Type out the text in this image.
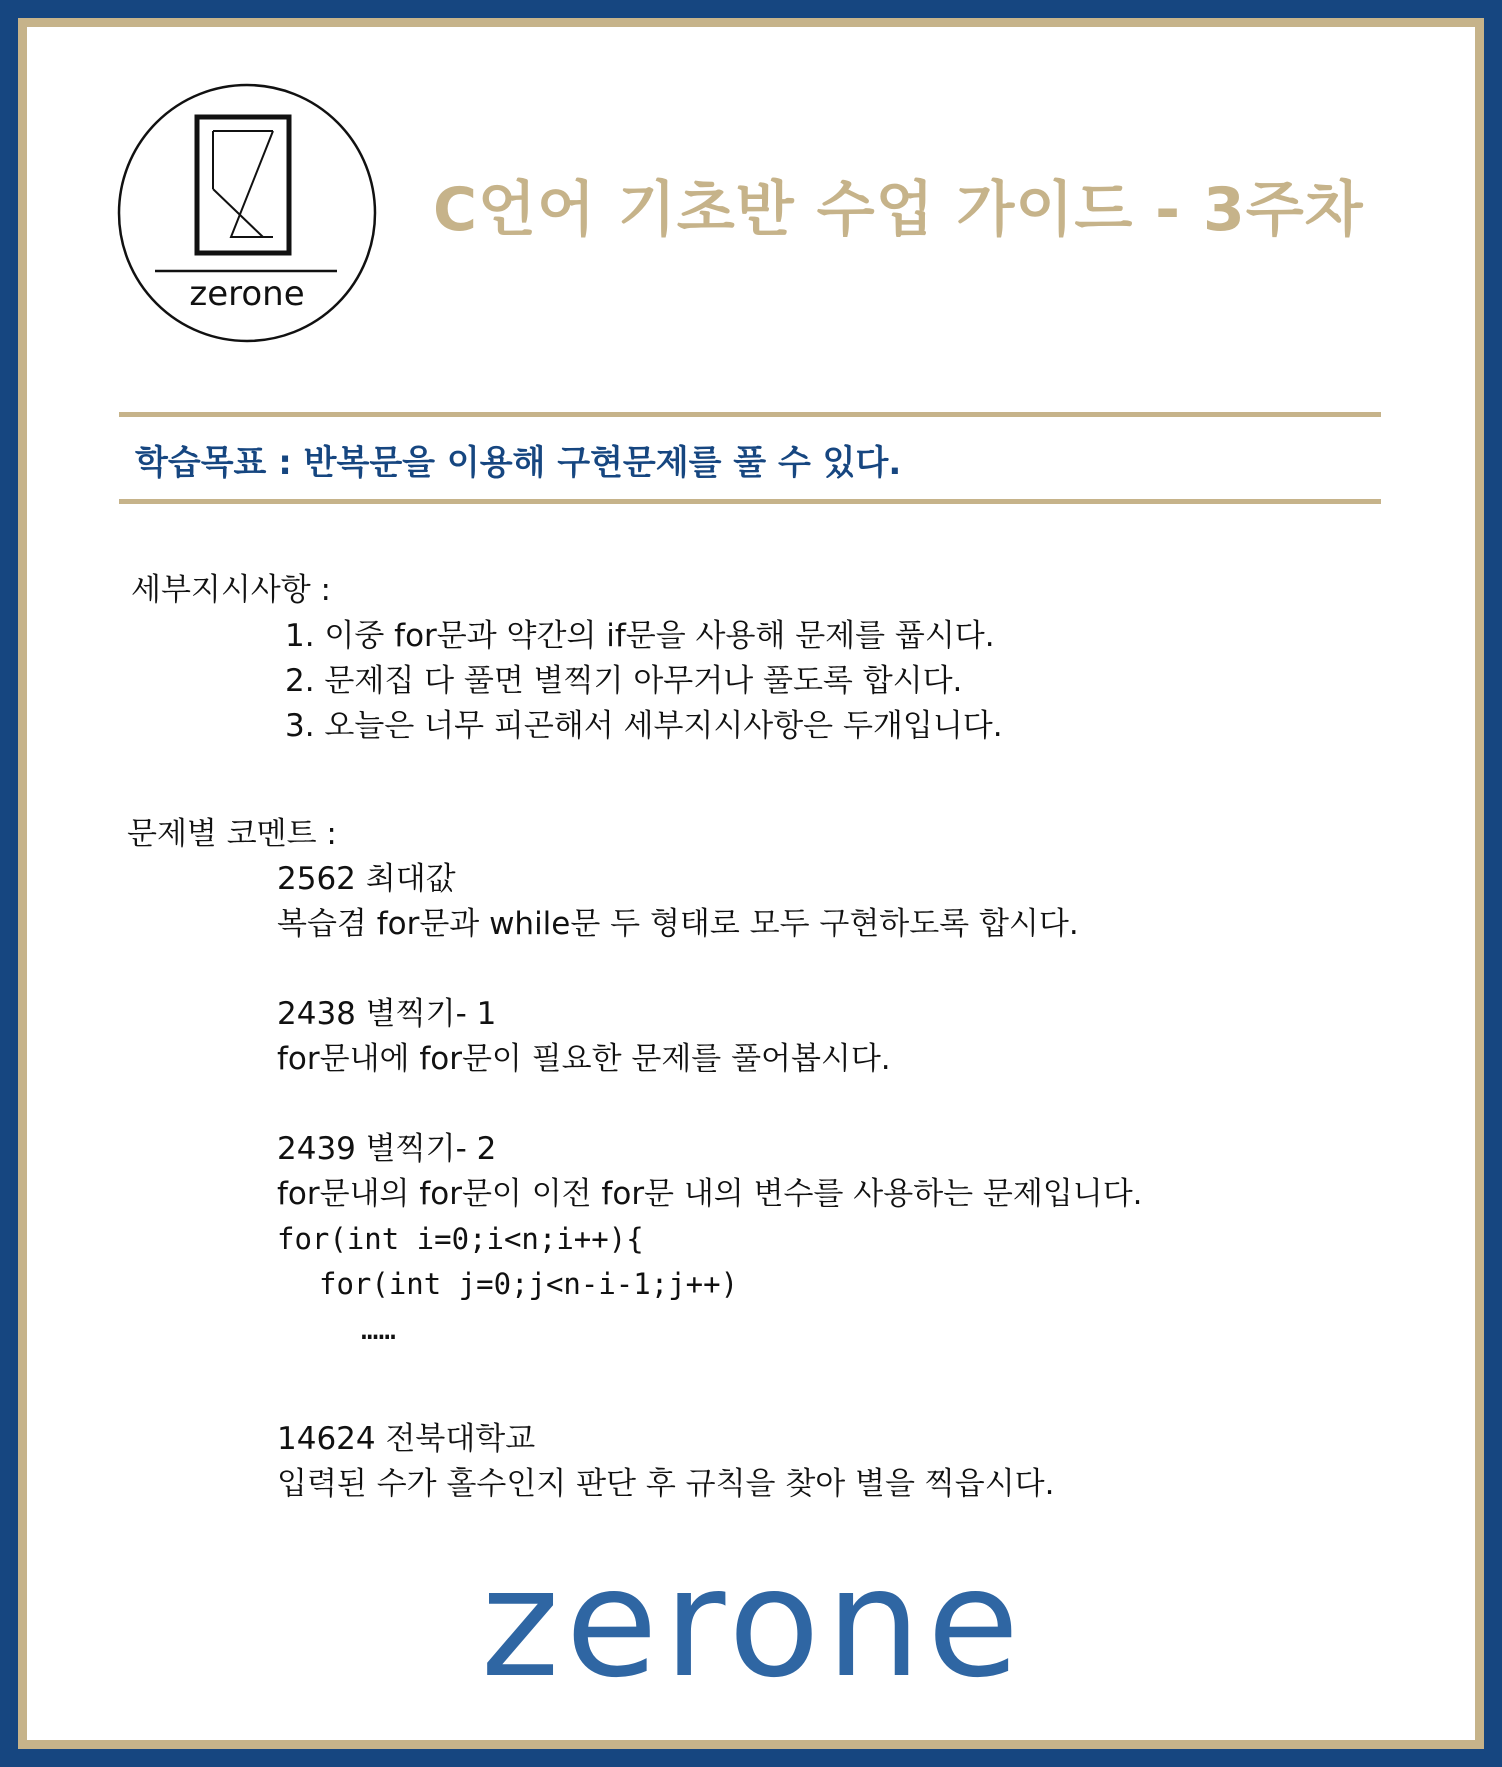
zerone
C언어 기초반 수업 가이드 - 3주차
학습목표 : 반복문을 이용해 구현문제를 풀 수 있다.
세부지시사항 :
1. 이중 for문과 약간의 if문을 사용해 문제를 풉시다.
2. 문제집 다 풀면 별찍기 아무거나 풀도록 합시다.
3. 오늘은 너무 피곤해서 세부지시사항은 두개입니다.
문제별 코멘트 :
2562 최대값
복습겸 for문과 while문 두 형태로 모두 구현하도록 합시다.
2438 별찍기- 1
for문내에 for문이 필요한 문제를 풀어봅시다.
2439 별찍기- 2
for문내의 for문이 이전 for문 내의 변수를 사용하는 문제입니다.
for(int i=0;i<n;i++){
for(int j=0;j<n-i-1;j++)
……
14624 전북대학교
입력된 수가 홀수인지 판단 후 규칙을 찾아 별을 찍읍시다.
zerone
